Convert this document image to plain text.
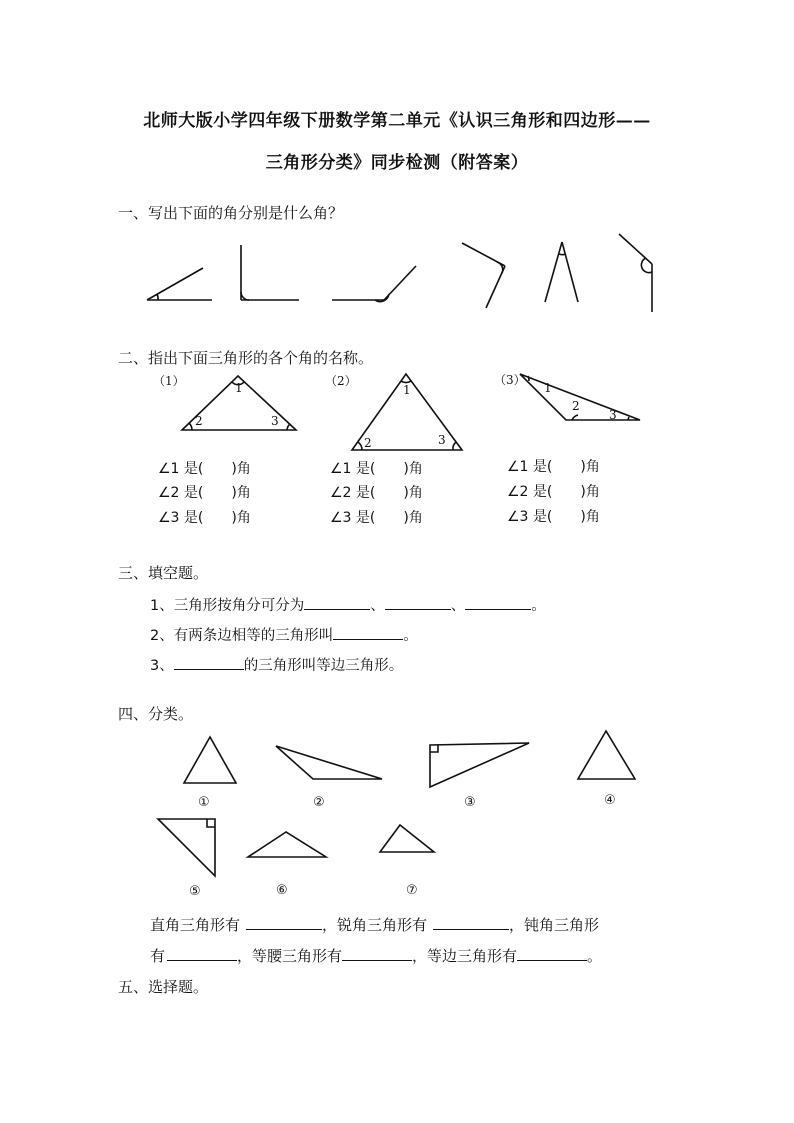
北师大版小学四年级下册数学第二单元《认识三角形和四边形——
三角形分类》同步检测（附答案）
一、写出下面的角分别是什么角？
二、指出下面三角形的各个角的名称。
（1）	1
2	3
（2）
1
2	3
（3）
1
2
3
∠1 是(　　)角
∠2 是(　　)角
∠3 是(　　)角
∠1 是(　　)角
∠2 是(　　)角
∠3 是(　　)角
∠1 是(　　)角
∠2 是(　　)角
∠3 是(　　)角
三、填空题。
1、三角形按角分可分为	、	、	。
2、有两条边相等的三角形叫	。
3、	的三角形叫等边三角形。
四、分类。
①	②	③	④
⑤	⑥	⑦
直角三角形有	，锐角三角形有	，钝角三角形
有	，等腰三角形有	，等边三角形有	。
五、选择题。
